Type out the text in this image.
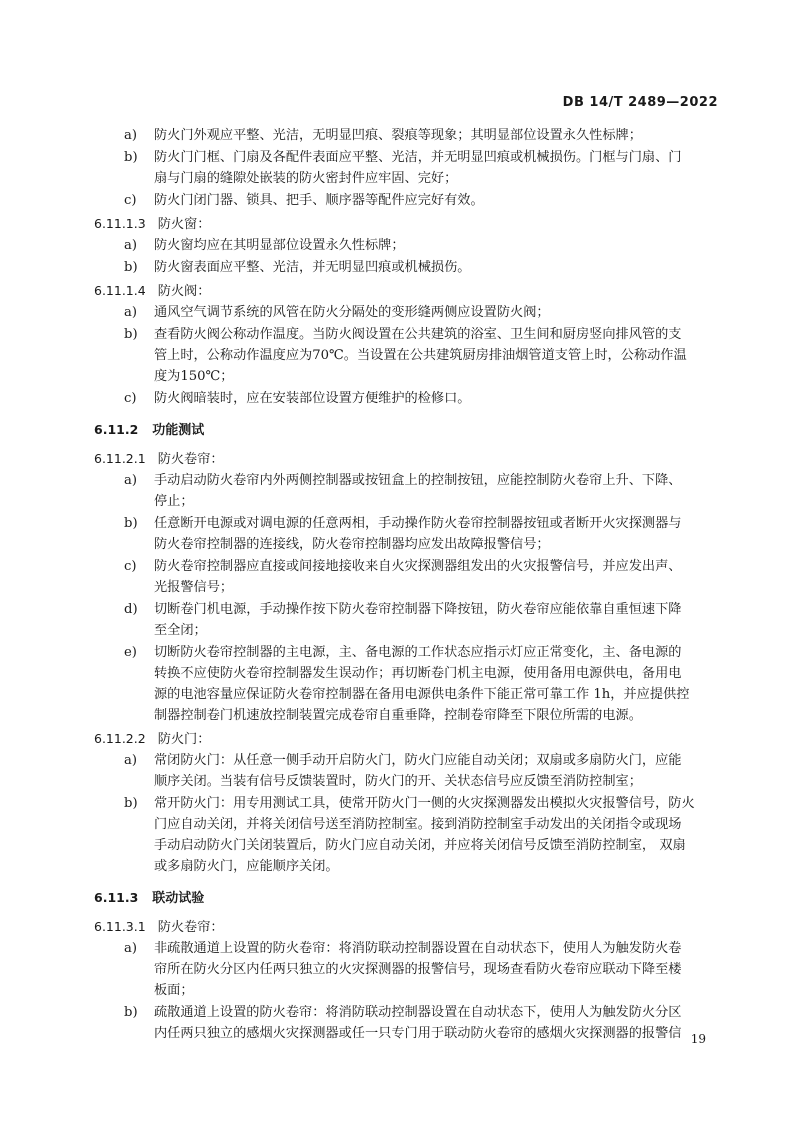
DB 14/T 2489—2022
a)	防火门外观应平整、光洁，无明显凹痕、裂痕等现象；其明显部位设置永久性标牌；
b)	防火门门框、门扇及各配件表面应平整、光洁，并无明显凹痕或机械损伤。门框与门扇、门
扇与门扇的缝隙处嵌装的防火密封件应牢固、完好；
c)	防火门闭门器、锁具、把手、顺序器等配件应完好有效。
6.11.1.3 防火窗：
a)	防火窗均应在其明显部位设置永久性标牌；
b)	防火窗表面应平整、光洁，并无明显凹痕或机械损伤。
6.11.1.4 防火阀：
a)	通风空气调节系统的风管在防火分隔处的变形缝两侧应设置防火阀；
b)	查看防火阀公称动作温度。当防火阀设置在公共建筑的浴室、卫生间和厨房竖向排风管的支
管上时，公称动作温度应为70℃。当设置在公共建筑厨房排油烟管道支管上时，公称动作温
度为150℃；
c)	防火阀暗装时，应在安装部位设置方便维护的检修口。
6.11.2 功能测试
6.11.2.1 防火卷帘：
a)	手动启动防火卷帘内外两侧控制器或按钮盒上的控制按钮，应能控制防火卷帘上升、下降、
停止；
b)	任意断开电源或对调电源的任意两相，手动操作防火卷帘控制器按钮或者断开火灾探测器与
防火卷帘控制器的连接线，防火卷帘控制器均应发出故障报警信号；
c)	防火卷帘控制器应直接或间接地接收来自火灾探测器组发出的火灾报警信号，并应发出声、
光报警信号；
d)	切断卷门机电源，手动操作按下防火卷帘控制器下降按钮，防火卷帘应能依靠自重恒速下降
至全闭；
e)	切断防火卷帘控制器的主电源，主、备电源的工作状态应指示灯应正常变化，主、备电源的
转换不应使防火卷帘控制器发生误动作；再切断卷门机主电源，使用备用电源供电，备用电
源的电池容量应保证防火卷帘控制器在备用电源供电条件下能正常可靠工作 1h，并应提供控
制器控制卷门机速放控制装置完成卷帘自重垂降，控制卷帘降至下限位所需的电源。
6.11.2.2 防火门：
a)	常闭防火门：从任意一侧手动开启防火门，防火门应能自动关闭；双扇或多扇防火门，应能
顺序关闭。当装有信号反馈装置时，防火门的开、关状态信号应反馈至消防控制室；
b)	常开防火门：用专用测试工具，使常开防火门一侧的火灾探测器发出模拟火灾报警信号，防火
门应自动关闭，并将关闭信号送至消防控制室。接到消防控制室手动发出的关闭指令或现场
手动启动防火门关闭装置后，防火门应自动关闭，并应将关闭信号反馈至消防控制室， 双扇
或多扇防火门，应能顺序关闭。
6.11.3 联动试验
6.11.3.1 防火卷帘：
a)	非疏散通道上设置的防火卷帘：将消防联动控制器设置在自动状态下，使用人为触发防火卷
帘所在防火分区内任两只独立的火灾探测器的报警信号，现场查看防火卷帘应联动下降至楼
板面；
b)	疏散通道上设置的防火卷帘：将消防联动控制器设置在自动状态下，使用人为触发防火分区
内任两只独立的感烟火灾探测器或任一只专门用于联动防火卷帘的感烟火灾探测器的报警信 19
